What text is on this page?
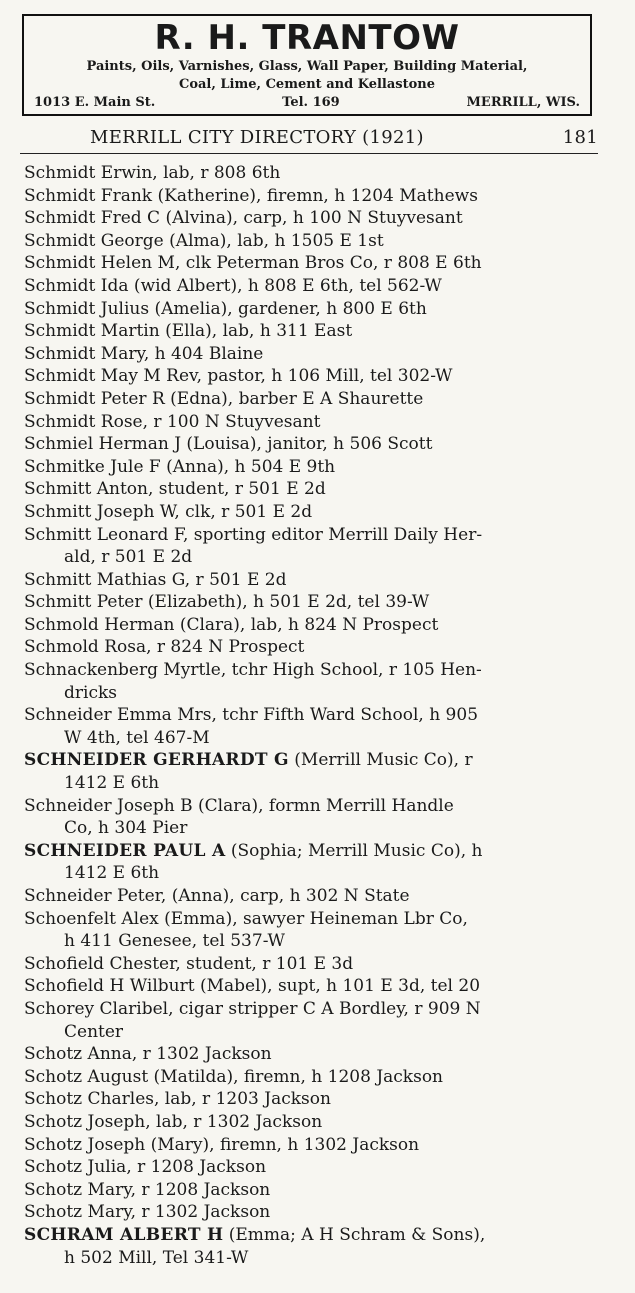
R. H. TRANTOW
Paints, Oils, Varnishes, Glass, Wall Paper, Building Material,
Coal, Lime, Cement and Kellastone
1013 E. Main St.	Tel. 169	MERRILL, WIS.
MERRILL CITY DIRECTORY (1921)	181
Schmidt Erwin, lab, r 808 6th
Schmidt Frank (Katherine), firemn, h 1204 Mathews
Schmidt Fred C (Alvina), carp, h 100 N Stuyvesant
Schmidt George (Alma), lab, h 1505 E 1st
Schmidt Helen M, clk Peterman Bros Co, r 808 E 6th
Schmidt Ida (wid Albert), h 808 E 6th, tel 562-W
Schmidt Julius (Amelia), gardener, h 800 E 6th
Schmidt Martin (Ella), lab, h 311 East
Schmidt Mary, h 404 Blaine
Schmidt May M Rev, pastor, h 106 Mill, tel 302-W
Schmidt Peter R (Edna), barber E A Shaurette
Schmidt Rose, r 100 N Stuyvesant
Schmiel Herman J (Louisa), janitor, h 506 Scott
Schmitke Jule F (Anna), h 504 E 9th
Schmitt Anton, student, r 501 E 2d
Schmitt Joseph W, clk, r 501 E 2d
Schmitt Leonard F, sporting editor Merrill Daily Her-
ald, r 501 E 2d
Schmitt Mathias G, r 501 E 2d
Schmitt Peter (Elizabeth), h 501 E 2d, tel 39-W
Schmold Herman (Clara), lab, h 824 N Prospect
Schmold Rosa, r 824 N Prospect
Schnackenberg Myrtle, tchr High School, r 105 Hen-
dricks
Schneider Emma Mrs, tchr Fifth Ward School, h 905
W 4th, tel 467-M
SCHNEIDER GERHARDT G (Merrill Music Co), r
1412 E 6th
Schneider Joseph B (Clara), formn Merrill Handle
Co, h 304 Pier
SCHNEIDER PAUL A (Sophia; Merrill Music Co), h
1412 E 6th
Schneider Peter, (Anna), carp, h 302 N State
Schoenfelt Alex (Emma), sawyer Heineman Lbr Co,
h 411 Genesee, tel 537-W
Schofield Chester, student, r 101 E 3d
Schofield H Wilburt (Mabel), supt, h 101 E 3d, tel 20
Schorey Claribel, cigar stripper C A Bordley, r 909 N
Center
Schotz Anna, r 1302 Jackson
Schotz August (Matilda), firemn, h 1208 Jackson
Schotz Charles, lab, r 1203 Jackson
Schotz Joseph, lab, r 1302 Jackson
Schotz Joseph (Mary), firemn, h 1302 Jackson
Schotz Julia, r 1208 Jackson
Schotz Mary, r 1208 Jackson
Schotz Mary, r 1302 Jackson
SCHRAM ALBERT H (Emma; A H Schram & Sons),
h 502 Mill, Tel 341-W
